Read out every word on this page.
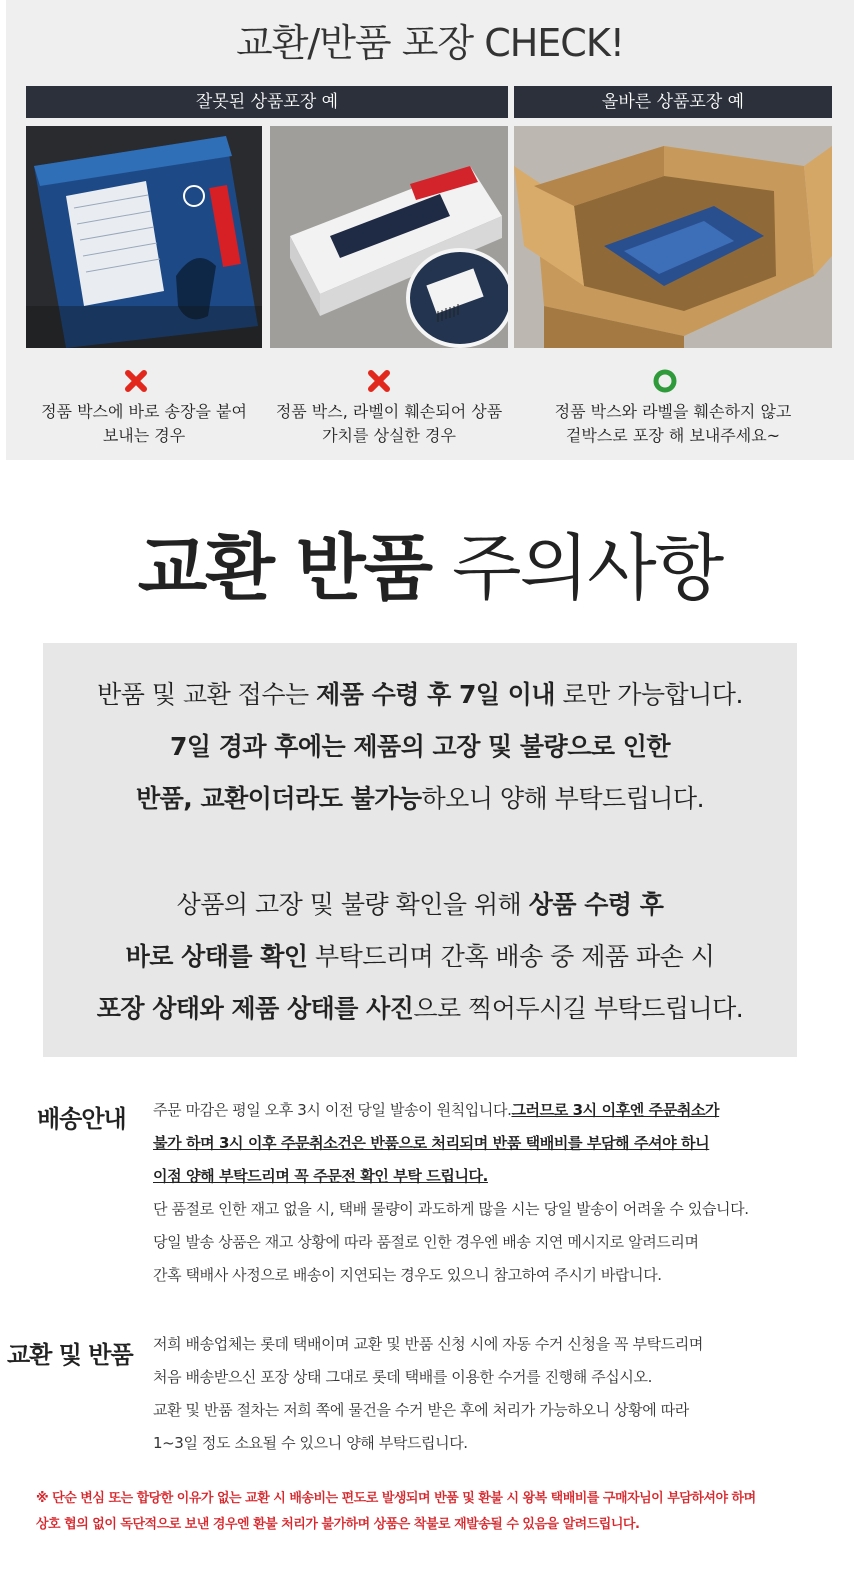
교환/반품 포장 CHECK!
잘못된 상품포장 예	올바른 상품포장 예
정품 박스에 바로 송장을 붙여
보내는 경우
정품 박스, 라벨이 훼손되어 상품
가치를 상실한 경우
정품 박스와 라벨을 훼손하지 않고
겉박스로 포장 해 보내주세요~
교환 반품 주의사항

반품 및 교환 접수는 제품 수령 후 7일 이내 로만 가능합니다.

7일 경과 후에는 제품의 고장 및 불량으로 인한

반품, 교환이더라도 불가능하오니 양해 부탁드립니다.

상품의 고장 및 불량 확인을 위해 상품 수령 후

바로 상태를 확인 부탁드리며 간혹 배송 중 제품 파손 시

포장 상태와 제품 상태를 사진으로 찍어두시길 부탁드립니다.

배송안내 주문 마감은 평일 오후 3시 이전 당일 발송이 원칙입니다.그러므로 3시 이후엔 주문취소가
불가 하며 3시 이후 주문취소건은 반품으로 처리되며 반품 택배비를 부담해 주셔야 하니
이점 양해 부탁드리며 꼭 주문전 확인 부탁 드립니다.
단 품절로 인한 재고 없을 시, 택배 물량이 과도하게 많을 시는 당일 발송이 어려울 수 있습니다.
당일 발송 상품은 재고 상황에 따라 품절로 인한 경우엔 배송 지연 메시지로 알려드리며
간혹 택배사 사정으로 배송이 지연되는 경우도 있으니 참고하여 주시기 바랍니다.
교환 및 반품 저희 배송업체는 롯데 택배이며 교환 및 반품 신청 시에 자동 수거 신청을 꼭 부탁드리며
처음 배송받으신 포장 상태 그대로 롯데 택배를 이용한 수거를 진행해 주십시오.
교환 및 반품 절차는 저희 쪽에 물건을 수거 받은 후에 처리가 가능하오니 상황에 따라
1~3일 정도 소요될 수 있으니 양해 부탁드립니다.
※ 단순 변심 또는 합당한 이유가 없는 교환 시 배송비는 편도로 발생되며 반품 및 환불 시 왕복 택배비를 구매자님이 부담하셔야 하며
상호 협의 없이 독단적으로 보낸 경우엔 환불 처리가 불가하며 상품은 착불로 재발송될 수 있음을 알려드립니다.
